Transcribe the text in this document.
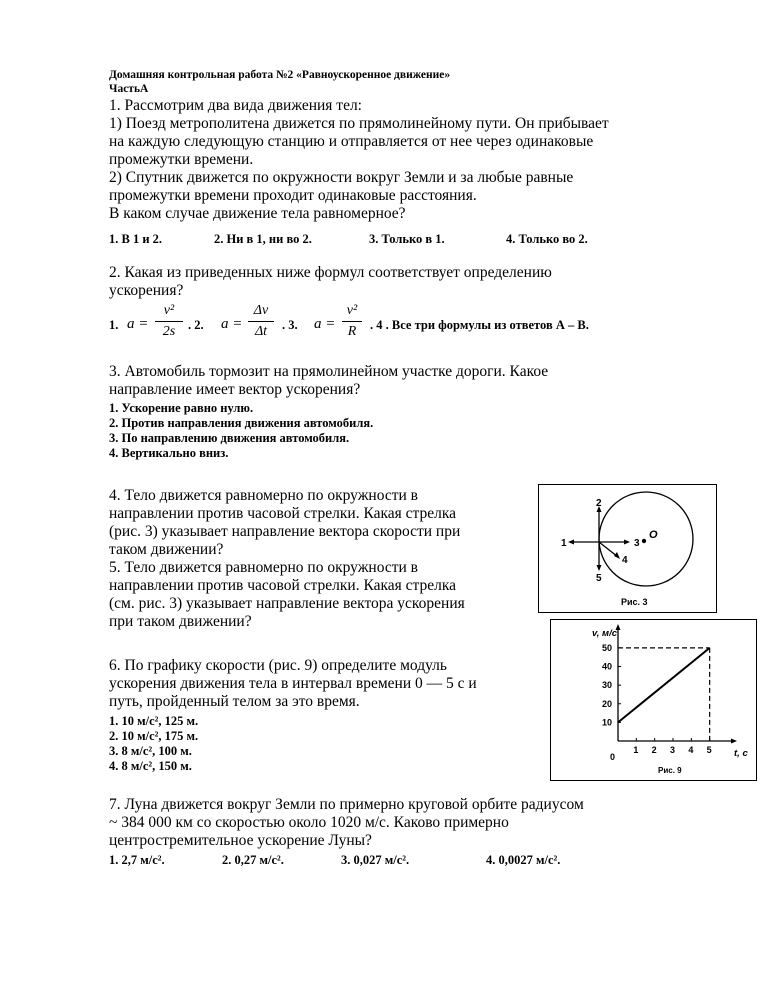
Домашняя контрольная работа №2 «Равноускоренное движение»
ЧастьА
1. Рассмотрим два вида движения тел:
1) Поезд метрополитена движется по прямолинейному пути. Он прибывает
на каждую следующую станцию и отправляется от нее через одинаковые
промежутки времени.
2) Спутник движется по окружности вокруг Земли и за любые равные
промежутки времени проходит одинаковые расстояния.
В каком случае движение тела равномерное?
1. В 1 и 2.	2. Ни в 1, ни во 2.	3. Только в 1.	4. Только во 2.
2. Какая из приведенных ниже формул соответствует определению
ускорения?
1. a =
v²
2s	. 2. a =
Δv
Δt	. 3. a =
v²
R	. 4 . Все три формулы из ответов А – В.
3. Автомобиль тормозит на прямолинейном участке дороги. Какое
направление имеет вектор ускорения?
1. Ускорение равно нулю.
2. Против направления движения автомобиля.
3. По направлению движения автомобиля.
4. Вертикально вниз.
4. Тело движется равномерно по окружности в
направлении против часовой стрелки. Какая стрелка
(рис. 3) указывает направление вектора скорости при
таком движении?
5. Тело движется равномерно по окружности в
направлении против часовой стрелки. Какая стрелка
(см. рис. 3) указывает направление вектора ускорения
при таком движении?
O
1
2
3
4
5
Рис. 3
6. По графику скорости (рис. 9) определите модуль
ускорения движения тела в интервал времени 0 — 5 с и
путь, пройденный телом за это время.
1. 10 м/с², 125 м.
2. 10 м/с², 175 м.
3. 8 м/с², 100 м.
4. 8 м/с², 150 м.
1 2 3 4 5
10
20
30
40
50
v, м/с
t, с
0
Рис. 9
7. Луна движется вокруг Земли по примерно круговой орбите радиусом
~ 384 000 км со скоростью около 1020 м/с. Каково примерно
центростремительное ускорение Луны?
1. 2,7 м/с².	2. 0,27 м/с².	3. 0,027 м/с².	4. 0,0027 м/с².
